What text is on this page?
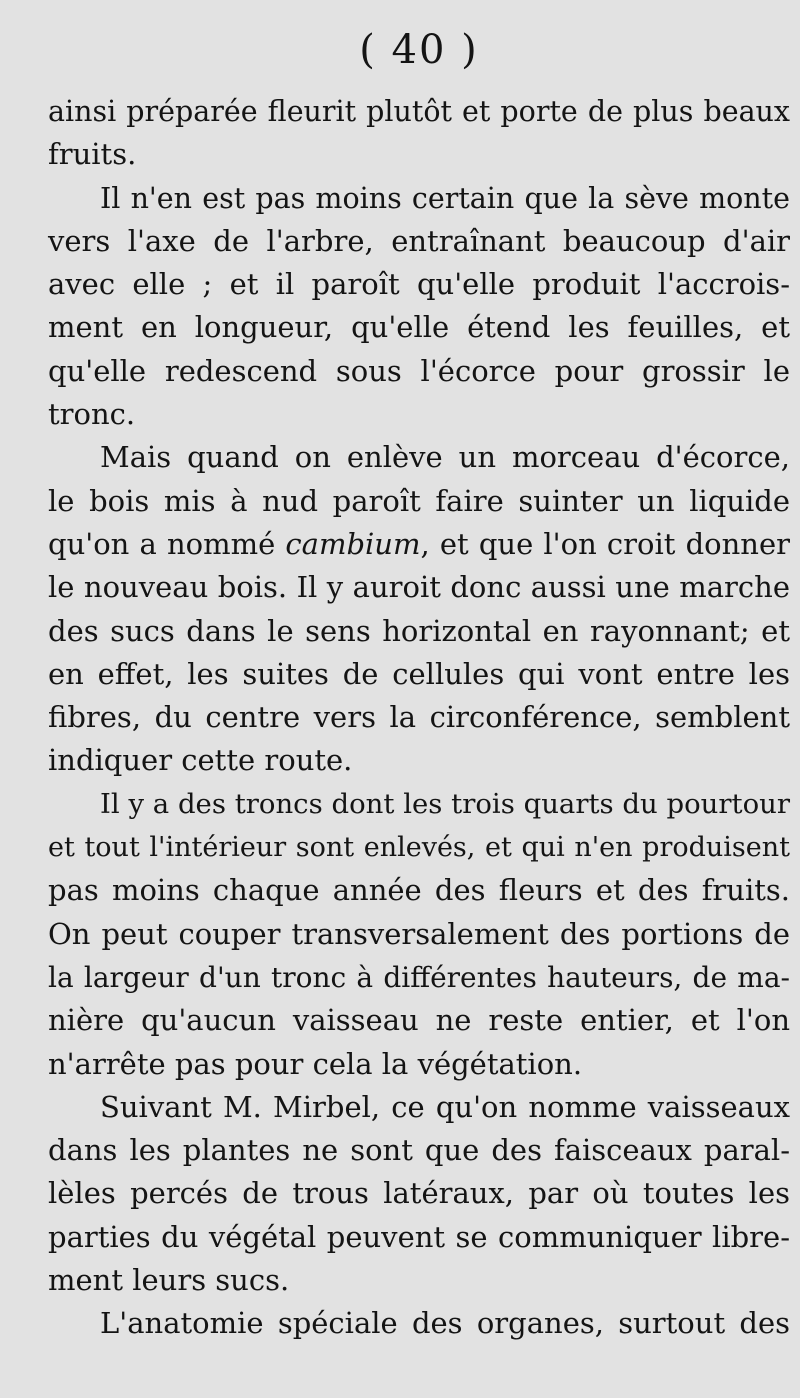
( 40 )
ainsi préparée fleurit plutôt et porte de plus beaux
fruits.
Il n'en est pas moins certain que la sève monte
vers l'axe de l'arbre, entraînant beaucoup d'air
avec elle ; et il paroît qu'elle produit l'accrois-
ment en longueur, qu'elle étend les feuilles, et
qu'elle redescend sous l'écorce pour grossir le
tronc.
Mais quand on enlève un morceau d'écorce,
le bois mis à nud paroît faire suinter un liquide
qu'on a nommé cambium, et que l'on croit donner
le nouveau bois. Il y auroit donc aussi une marche
des sucs dans le sens horizontal en rayonnant; et
en effet, les suites de cellules qui vont entre les
fibres, du centre vers la circonférence, semblent
indiquer cette route.
Il y a des troncs dont les trois quarts du pourtour
et tout l'intérieur sont enlevés, et qui n'en produisent
pas moins chaque année des fleurs et des fruits.
On peut couper transversalement des portions de
la largeur d'un tronc à différentes hauteurs, de ma-
nière qu'aucun vaisseau ne reste entier, et l'on
n'arrête pas pour cela la végétation.
Suivant M. Mirbel, ce qu'on nomme vaisseaux
dans les plantes ne sont que des faisceaux paral-
lèles percés de trous latéraux, par où toutes les
parties du végétal peuvent se communiquer libre-
ment leurs sucs.
L'anatomie spéciale des organes, surtout des
